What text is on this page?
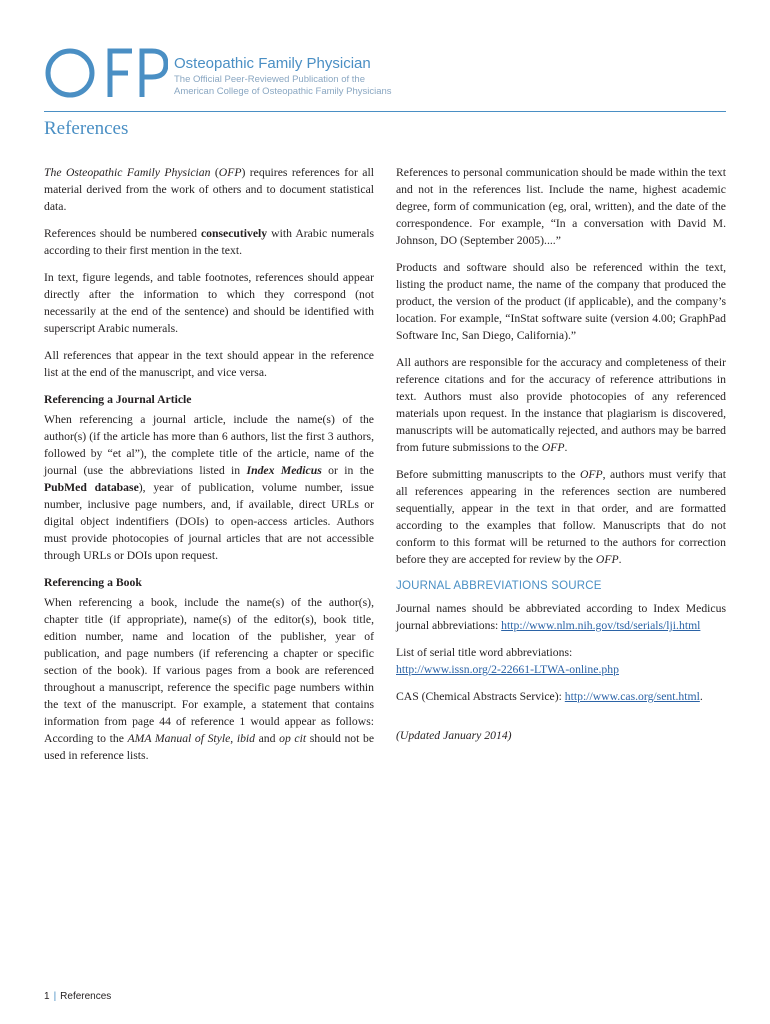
Osteopathic Family Physician
The Official Peer-Reviewed Publication of the
American College of Osteopathic Family Physicians
References

The Osteopathic Family Physician (OFP) requires references for all material derived from the work of others and to document statistical data.

References should be numbered consecutively with Arabic numerals according to their first mention in the text.

In text, figure legends, and table footnotes, references should appear directly after the information to which they correspond (not necessarily at the end of the sentence) and should be identified with superscript Arabic numerals.

All references that appear in the text should appear in the reference list at the end of the manuscript, and vice versa.

Referencing a Journal Article

When referencing a journal article, include the name(s) of the author(s) (if the article has more than 6 authors, list the first 3 authors, followed by “et al”), the complete title of the article, name of the journal (use the abbreviations listed in Index Medicus or in the PubMed database), year of publication, volume number, issue number, inclusive page numbers, and, if available, direct URLs or digital object indentifiers (DOIs) to open-access articles. Authors must provide photocopies of journal articles that are not accessible through URLs or DOIs upon request.

Referencing a Book

When referencing a book, include the name(s) of the author(s), chapter title (if appropriate), name(s) of the editor(s), book title, edition number, name and location of the publisher, year of publication, and page numbers (if referencing a chapter or specific section of the book). If various pages from a book are referenced throughout a manuscript, reference the specific page numbers within the text of the manuscript. For example, a statement that contains information from page 44 of reference 1 would appear as follows: According to the AMA Manual of Style, ibid and op cit should not be used in reference lists.

References to personal communication should be made within the text and not in the references list. Include the name, highest academic degree, form of communication (eg, oral, written), and the date of the correspondence. For example, “In a conversation with David M. Johnson, DO (September 2005)....”

Products and software should also be referenced within the text, listing the product name, the name of the company that produced the product, the version of the product (if applicable), and the company’s location. For example, “InStat software suite (version 4.00; GraphPad Software Inc, San Diego, California).”

All authors are responsible for the accuracy and completeness of their reference citations and for the accuracy of reference attributions in text. Authors must also provide photocopies of any referenced materials upon request. In the instance that plagiarism is discovered, manuscripts will be automatically rejected, and authors may be barred from future submissions to the OFP.

Before submitting manuscripts to the OFP, authors must verify that all references appearing in the references section are numbered sequentially, appear in the text in that order, and are formatted according to the examples that follow. Manuscripts that do not conform to this format will be returned to the authors for correction before they are accepted for review by the OFP.

JOURNAL ABBREVIATIONS SOURCE

Journal names should be abbreviated according to Index Medicus journal abbreviations: http://www.nlm.nih.gov/tsd/serials/lji.html

List of serial title word abbreviations:
http://www.issn.org/2-22661-LTWA-online.php

CAS (Chemical Abstracts Service): http://www.cas.org/sent.html.

(Updated January 2014)

1 | References
